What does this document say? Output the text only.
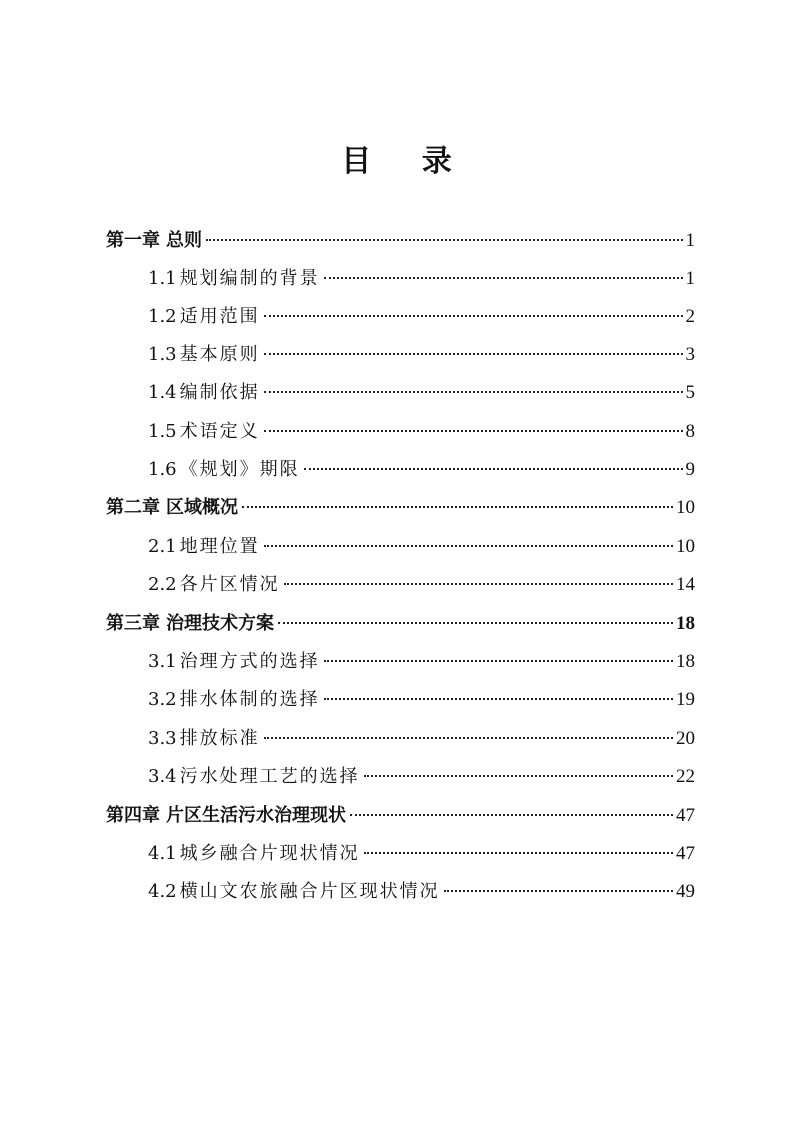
目 录
第一章 总则	1
1.1 规划编制的背景	1
1.2 适用范围	2
1.3 基本原则	3
1.4 编制依据	5
1.5 术语定义	8
1.6 《规划》期限	9
第二章 区域概况	10
2.1 地理位置	10
2.2 各片区情况	14
第三章 治理技术方案	18
3.1 治理方式的选择	18
3.2 排水体制的选择	19
3.3 排放标准	20
3.4 污水处理工艺的选择	22
第四章 片区生活污水治理现状	47
4.1 城乡融合片现状情况	47
4.2 横山文农旅融合片区现状情况	49
